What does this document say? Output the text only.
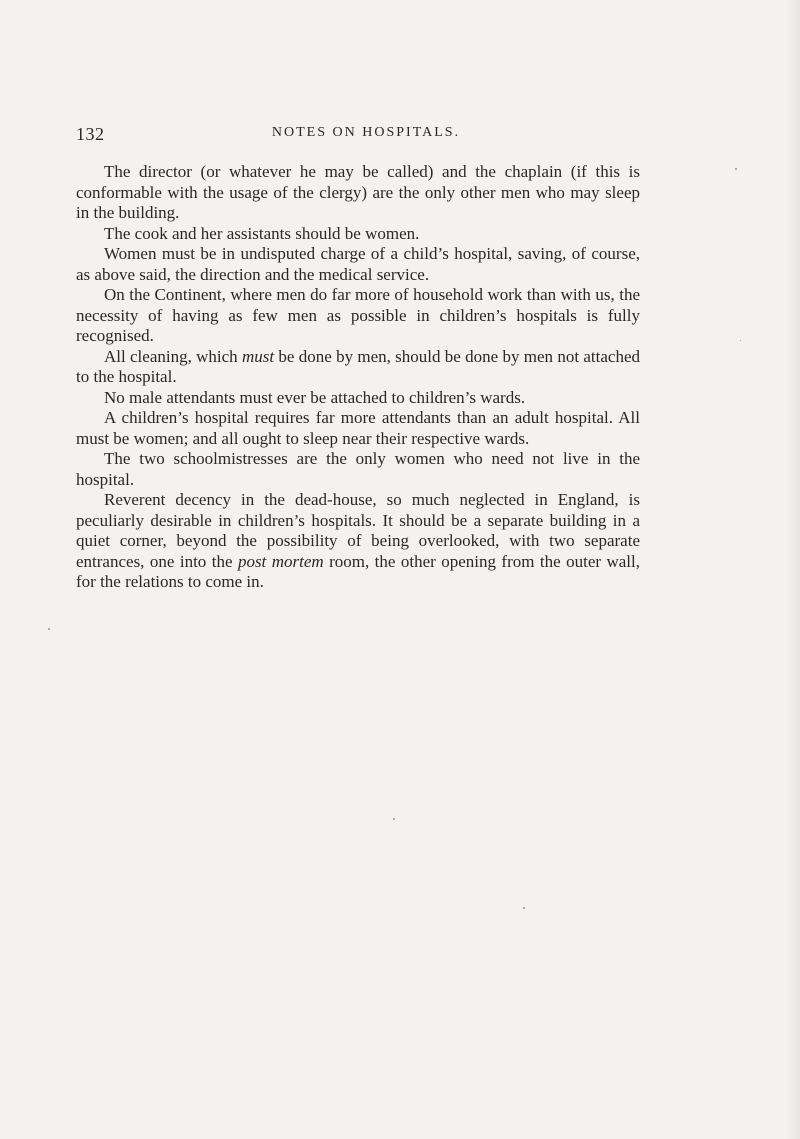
132	NOTES ON HOSPITALS.

The director (or whatever he may be called) and the chaplain (if this is conformable with the usage of the clergy) are the only other men who may sleep in the building.

The cook and her assistants should be women.

Women must be in undisputed charge of a child’s hospital, saving, of course, as above said, the direction and the medical service.

On the Continent, where men do far more of household work than with us, the necessity of having as few men as possible in children’s hospitals is fully recognised.

All cleaning, which must be done by men, should be done by men not attached to the hospital.

No male attendants must ever be attached to children’s wards.

A children’s hospital requires far more attendants than an adult hospital. All must be women; and all ought to sleep near their respective wards.

The two schoolmistresses are the only women who need not live in the hospital.

Reverent decency in the dead-house, so much neglected in England, is peculiarly desirable in children’s hospitals. It should be a separate building in a quiet corner, beyond the possibility of being overlooked, with two separate entrances, one into the post mortem room, the other opening from the outer wall, for the relations to come in.
